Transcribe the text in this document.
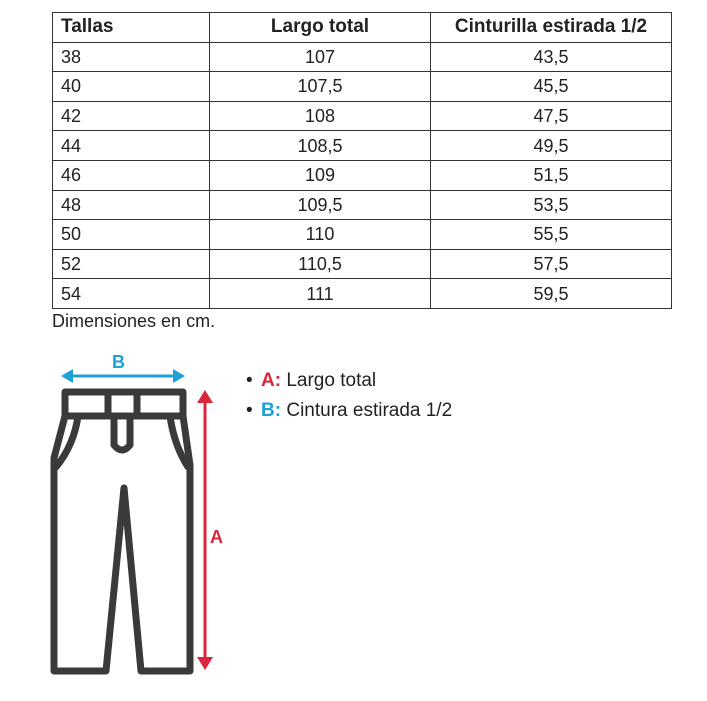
Tallas	Largo total	Cinturilla estirada 1/2
38	107	43,5
40	107,5	45,5
42	108	47,5
44	108,5	49,5
46	109	51,5
48	109,5	53,5
50	110	55,5
52	110,5	57,5
54	111	59,5
Dimensiones en cm.
B
A
• A: Largo total
• B: Cintura estirada 1/2
